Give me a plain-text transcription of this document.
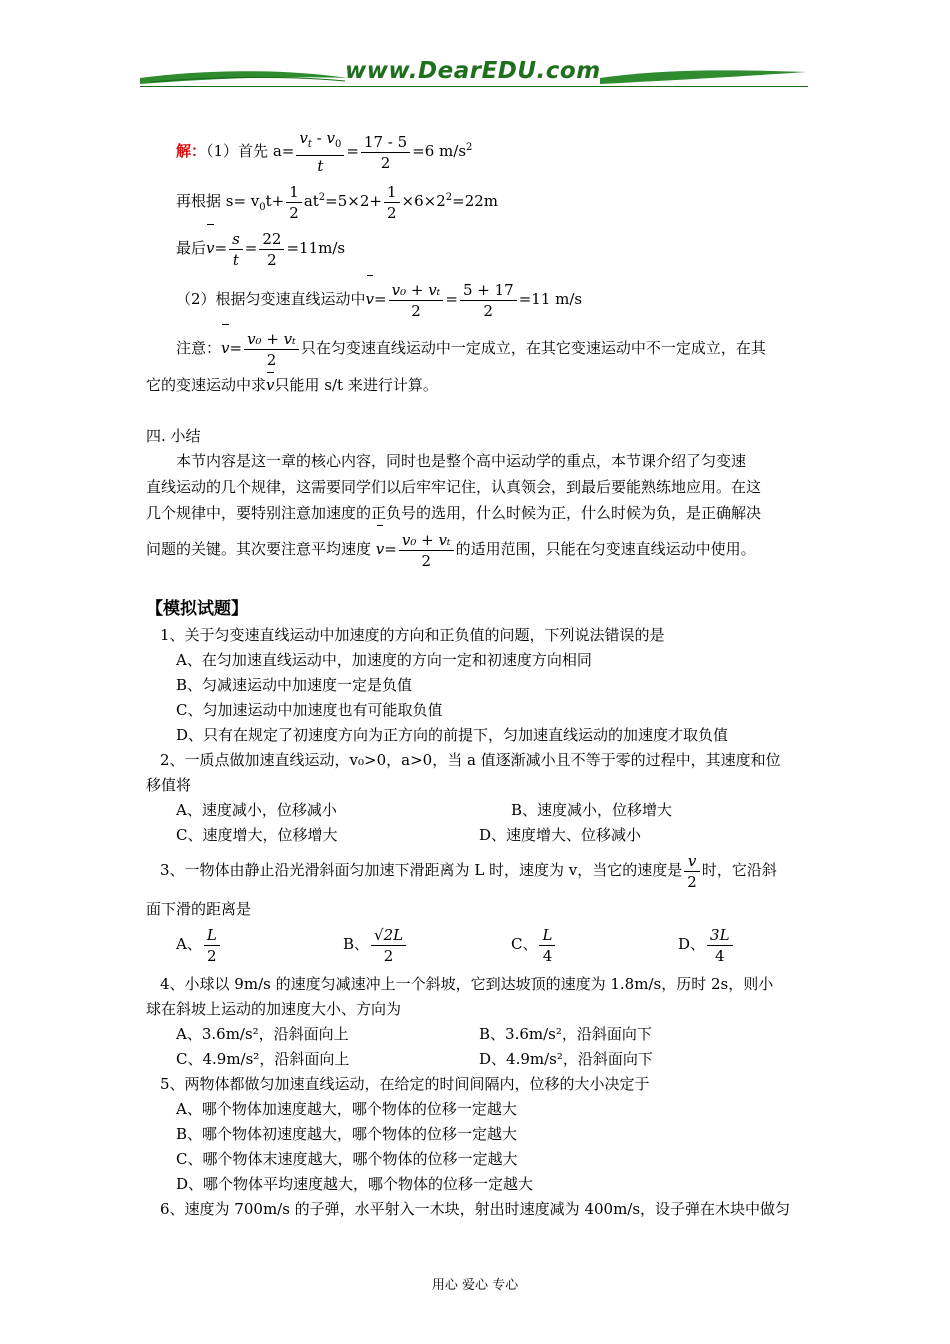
www.DearEDU.com
解：（1）首先 $a= \frac{v_t - v_0}{t} = \frac{17 - 5}{2} =6$ $m/s^2$
再根据 $s= v_0t+ \frac{1}{2} at^2=5\times 2+ \frac{1}{2} \times 6\times 2^2=22m$
最后$v= \frac{s}{t} = \frac{22}{2} =11m/s$
（2）根据匀变速直线运动中$v= \frac{\text{v₀ + vₜ}}{2} = \frac{5 + 17}{2} =11$ m/s
注意：$v= \frac{\text{v₀ + vₜ}}{2}$ 只在匀变速直线运动中一定成立，在其它变速运动中不一定成立，在其
它的变速运动中求v只能用 s/t 来进行计算。
四. 小结
本节内容是这一章的核心内容，同时也是整个高中运动学的重点，本节课介绍了匀变速
直线运动的几个规律，这需要同学们以后牢牢记住，认真领会，到最后要能熟练地应用。在这
几个规律中，要特别注意加速度的正负号的选用，什么时候为正，什么时候为负，是正确解决
问题的关键。其次要注意平均速度 $v= \frac{\text{v₀ + vₜ}}{2}$ 的适用范围，只能在匀变速直线运动中使用。
【模拟试题】
1、关于匀变速直线运动中加速度的方向和正负值的问题，下列说法错误的是
A、在匀加速直线运动中，加速度的方向一定和初速度方向相同
B、匀减速运动中加速度一定是负值
C、匀加速运动中加速度也有可能取负值
D、只有在规定了初速度方向为正方向的前提下，匀加速直线运动的加速度才取负值
2、一质点做加速直线运动，v₀>0，a>0，当 a 值逐渐减小且不等于零的过程中，其速度和位
移值将
A、速度减小，位移减小	B、速度减小，位移增大
C、速度增大，位移增大	D、速度增大、位移减小
3、一物体由静止沿光滑斜面匀加速下滑距离为 L 时，速度为 v，当它的速度是 $\frac{v}{2}$ 时，它沿斜
面下滑的距离是
A、 $\frac{L}{2}$	B、 $\frac{√2L}{2}$	C、 $\frac{L}{4}$	D、 $\frac{3L}{4}$
4、小球以 9m/s 的速度匀减速冲上一个斜坡，它到达坡顶的速度为 1.8m/s，历时 2s，则小
球在斜坡上运动的加速度大小、方向为
A、3.6m/s²，沿斜面向上	B、3.6m/s²，沿斜面向下
C、4.9m/s²，沿斜面向上	D、4.9m/s²，沿斜面向下
5、两物体都做匀加速直线运动，在给定的时间间隔内，位移的大小决定于
A、哪个物体加速度越大，哪个物体的位移一定越大
B、哪个物体初速度越大，哪个物体的位移一定越大
C、哪个物体末速度越大，哪个物体的位移一定越大
D、哪个物体平均速度越大，哪个物体的位移一定越大
6、速度为 700m/s 的子弹，水平射入一木块，射出时速度减为 400m/s，设子弹在木块中做匀
用心 爱心 专心
